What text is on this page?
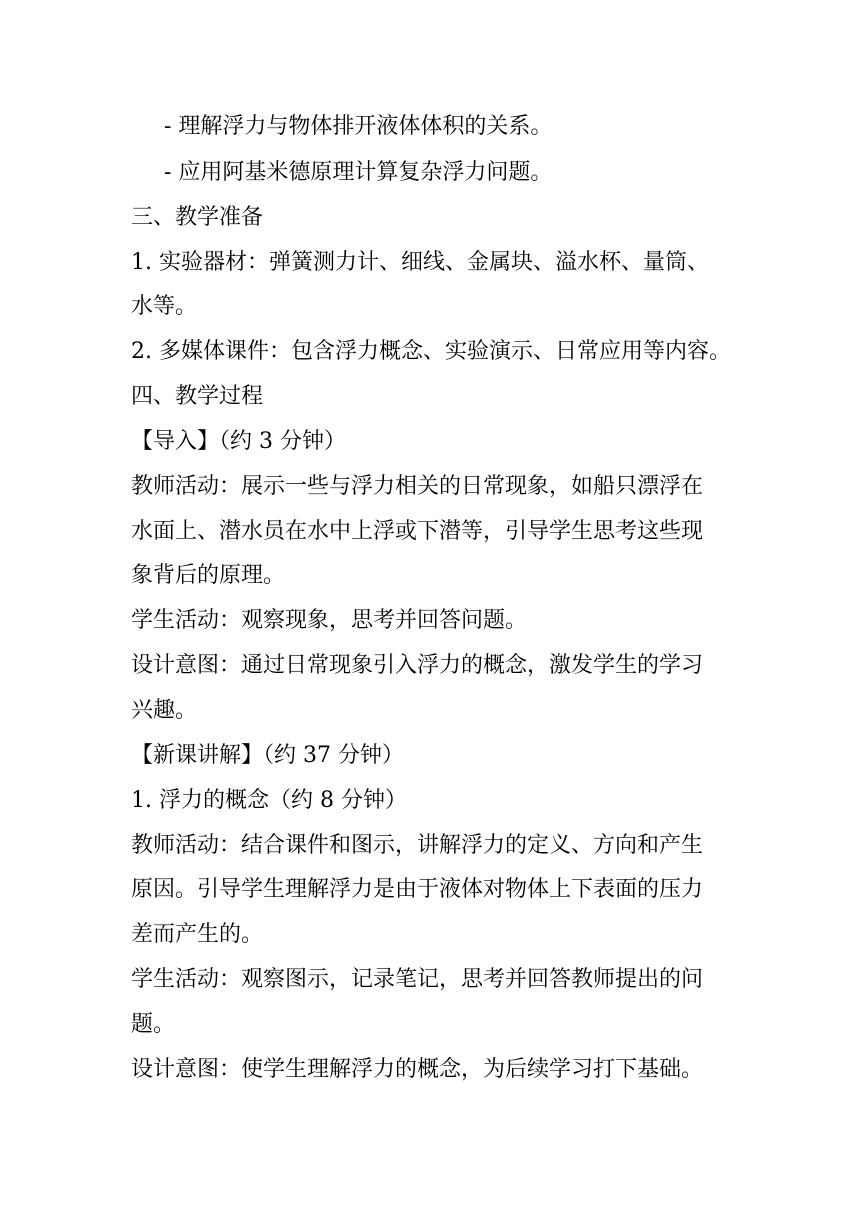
- 理解浮力与物体排开液体体积的关系。
- 应用阿基米德原理计算复杂浮力问题。
三、教学准备
1. 实验器材：弹簧测力计、细线、金属块、溢水杯、量筒、
水等。
2. 多媒体课件：包含浮力概念、实验演示、日常应用等内容。
四、教学过程
【导入】（约 3 分钟）
教师活动：展示一些与浮力相关的日常现象，如船只漂浮在
水面上、潜水员在水中上浮或下潜等，引导学生思考这些现
象背后的原理。
学生活动：观察现象，思考并回答问题。
设计意图：通过日常现象引入浮力的概念，激发学生的学习
兴趣。
【新课讲解】（约 37 分钟）
1. 浮力的概念（约 8 分钟）
教师活动：结合课件和图示，讲解浮力的定义、方向和产生
原因。引导学生理解浮力是由于液体对物体上下表面的压力
差而产生的。
学生活动：观察图示，记录笔记，思考并回答教师提出的问
题。
设计意图：使学生理解浮力的概念，为后续学习打下基础。
